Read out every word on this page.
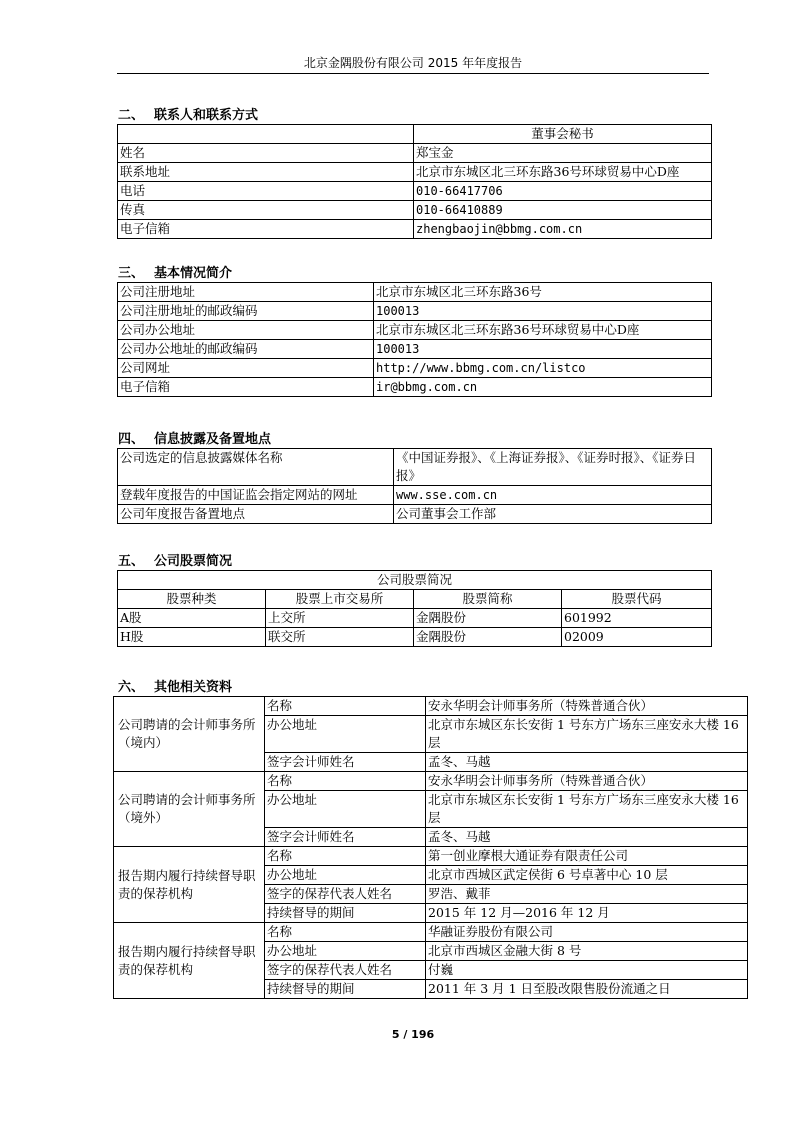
北京金隅股份有限公司 2015 年年度报告
二、 联系人和联系方式
	董事会秘书
姓名	郑宝金
联系地址	北京市东城区北三环东路36号环球贸易中心D座
电话	010-66417706
传真	010-66410889
电子信箱	zhengbaojin@bbmg.com.cn
三、 基本情况简介
公司注册地址	北京市东城区北三环东路36号
公司注册地址的邮政编码	100013
公司办公地址	北京市东城区北三环东路36号环球贸易中心D座
公司办公地址的邮政编码	100013
公司网址	http://www.bbmg.com.cn/listco
电子信箱	ir@bbmg.com.cn
四、 信息披露及备置地点
公司选定的信息披露媒体名称	《中国证券报》、《上海证券报》、《证券时报》、《证券日报》
登载年度报告的中国证监会指定网站的网址	www.sse.com.cn
公司年度报告备置地点	公司董事会工作部
五、 公司股票简况
公司股票简况			
股票种类	股票上市交易所	股票简称	股票代码
A股	上交所	金隅股份	601992
H股	联交所	金隅股份	02009
六、 其他相关资料
公司聘请的会计师事务所（境内）	名称	安永华明会计师事务所（特殊普通合伙）
	办公地址	北京市东城区东长安街 1 号东方广场东三座安永大楼 16 层
	签字会计师姓名	孟冬、马越
公司聘请的会计师事务所（境外）	名称	安永华明会计师事务所（特殊普通合伙）
	办公地址	北京市东城区东长安街 1 号东方广场东三座安永大楼 16 层
	签字会计师姓名	孟冬、马越
报告期内履行持续督导职责的保荐机构	名称	第一创业摩根大通证券有限责任公司
	办公地址	北京市西城区武定侯街 6 号卓著中心 10 层
	签字的保荐代表人姓名	罗浩、戴菲
	持续督导的期间	2015 年 12 月—2016 年 12 月
报告期内履行持续督导职责的保荐机构	名称	华融证券股份有限公司
	办公地址	北京市西城区金融大街 8 号
	签字的保荐代表人姓名	付巍
	持续督导的期间	2011 年 3 月 1 日至股改限售股份流通之日
5 / 196
